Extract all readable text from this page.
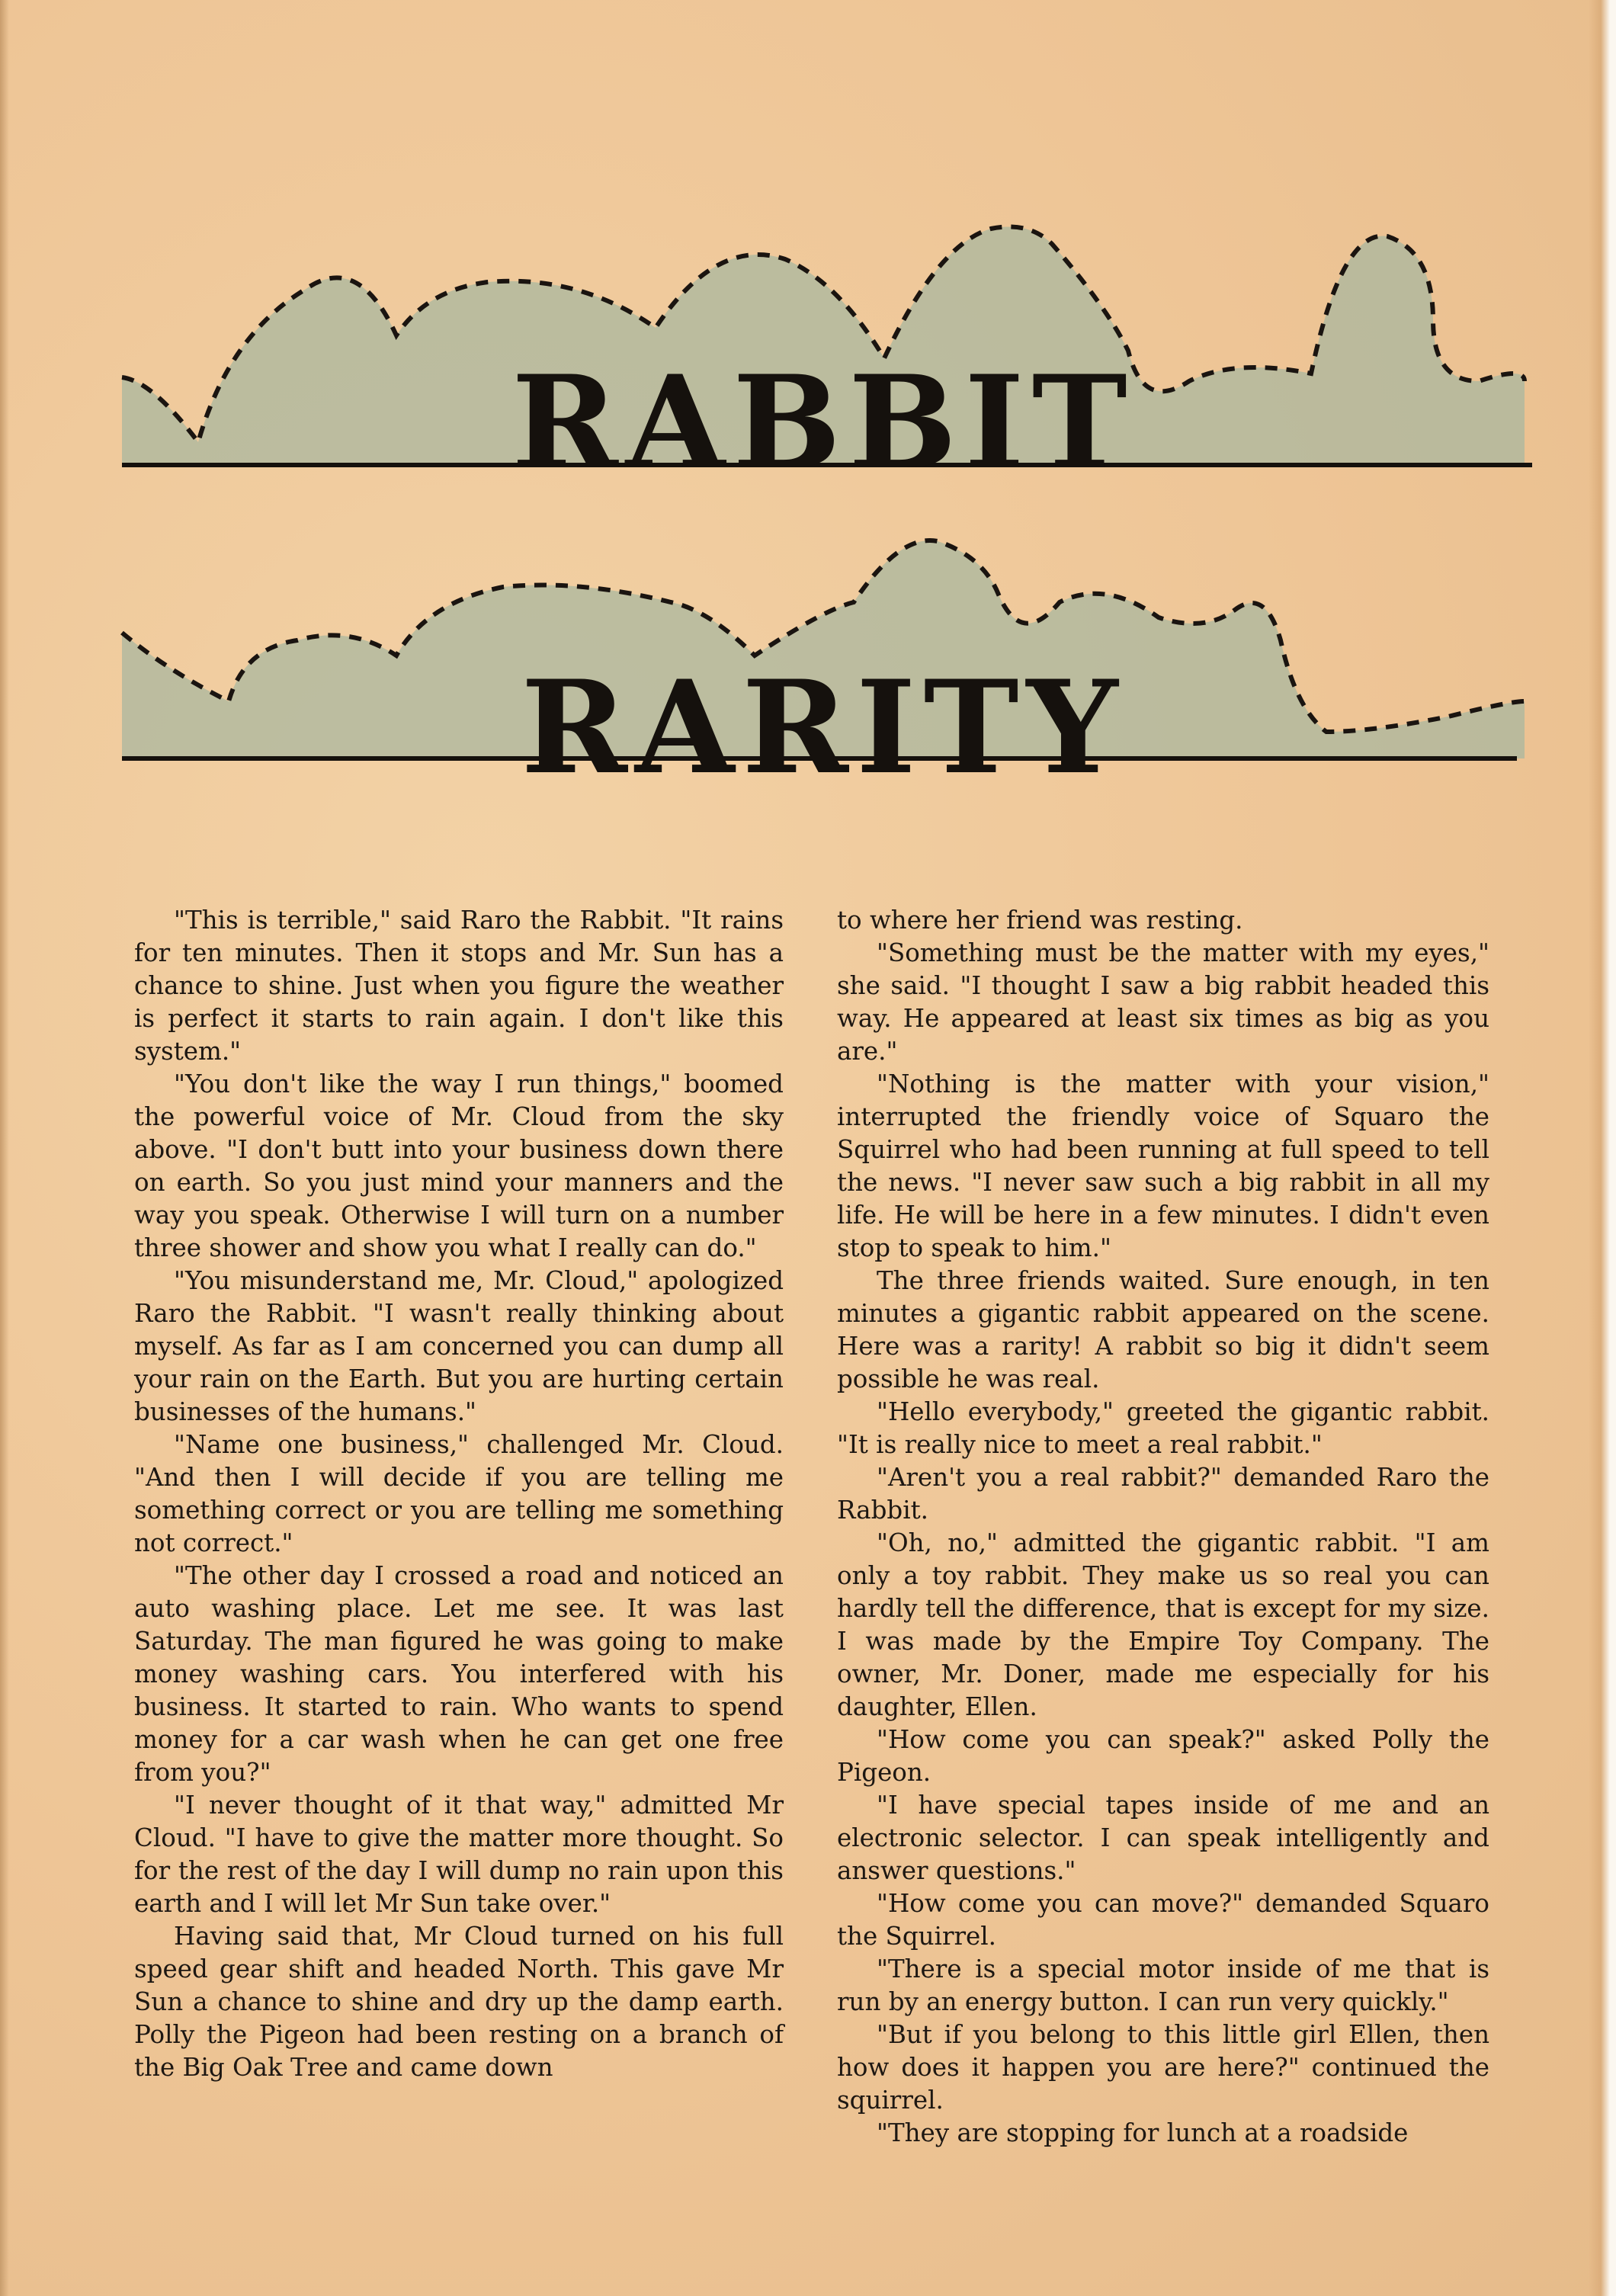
RABBIT
RARITY

"This is terrible," said Raro the Rabbit. "It rains for ten minutes. Then it stops and Mr. Sun has a chance to shine. Just when you figure the weather is perfect it starts to rain again. I don't like this system."

"You don't like the way I run things," boomed the powerful voice of Mr. Cloud from the sky above. "I don't butt into your business down there on earth. So you just mind your manners and the way you speak. Otherwise I will turn on a number three shower and show you what I really can do."

"You misunderstand me, Mr. Cloud," apologized Raro the Rabbit. "I wasn't really thinking about myself. As far as I am concerned you can dump all your rain on the Earth. But you are hurting certain businesses of the humans."

"Name one business," challenged Mr. Cloud. "And then I will decide if you are telling me something correct or you are telling me something not correct."

"The other day I crossed a road and noticed an auto washing place. Let me see. It was last Saturday. The man figured he was going to make money washing cars. You interfered with his business. It started to rain. Who wants to spend money for a car wash when he can get one free from you?"

"I never thought of it that way," admitted Mr Cloud. "I have to give the matter more thought. So for the rest of the day I will dump no rain upon this earth and I will let Mr Sun take over."

Having said that, Mr Cloud turned on his full speed gear shift and headed North. This gave Mr Sun a chance to shine and dry up the damp earth. Polly the Pigeon had been resting on a branch of the Big Oak Tree and came down

to where her friend was resting.

"Something must be the matter with my eyes," she said. "I thought I saw a big rabbit headed this way. He appeared at least six times as big as you are."

"Nothing is the matter with your vision," interrupted the friendly voice of Squaro the Squirrel who had been running at full speed to tell the news. "I never saw such a big rabbit in all my life. He will be here in a few minutes. I didn't even stop to speak to him."

The three friends waited. Sure enough, in ten minutes a gigantic rabbit appeared on the scene. Here was a rarity! A rabbit so big it didn't seem possible he was real.

"Hello everybody," greeted the gigantic rabbit. "It is really nice to meet a real rabbit."

"Aren't you a real rabbit?" demanded Raro the Rabbit.

"Oh, no," admitted the gigantic rabbit. "I am only a toy rabbit. They make us so real you can hardly tell the difference, that is except for my size. I was made by the Empire Toy Company. The owner, Mr. Doner, made me especially for his daughter, Ellen.

"How come you can speak?" asked Polly the Pigeon.

"I have special tapes inside of me and an electronic selector. I can speak intelligently and answer questions."

"How come you can move?" demanded Squaro the Squirrel.

"There is a special motor inside of me that is run by an energy button. I can run very quickly."

"But if you belong to this little girl Ellen, then how does it happen you are here?" continued the squirrel.

"They are stopping for lunch at a roadside
